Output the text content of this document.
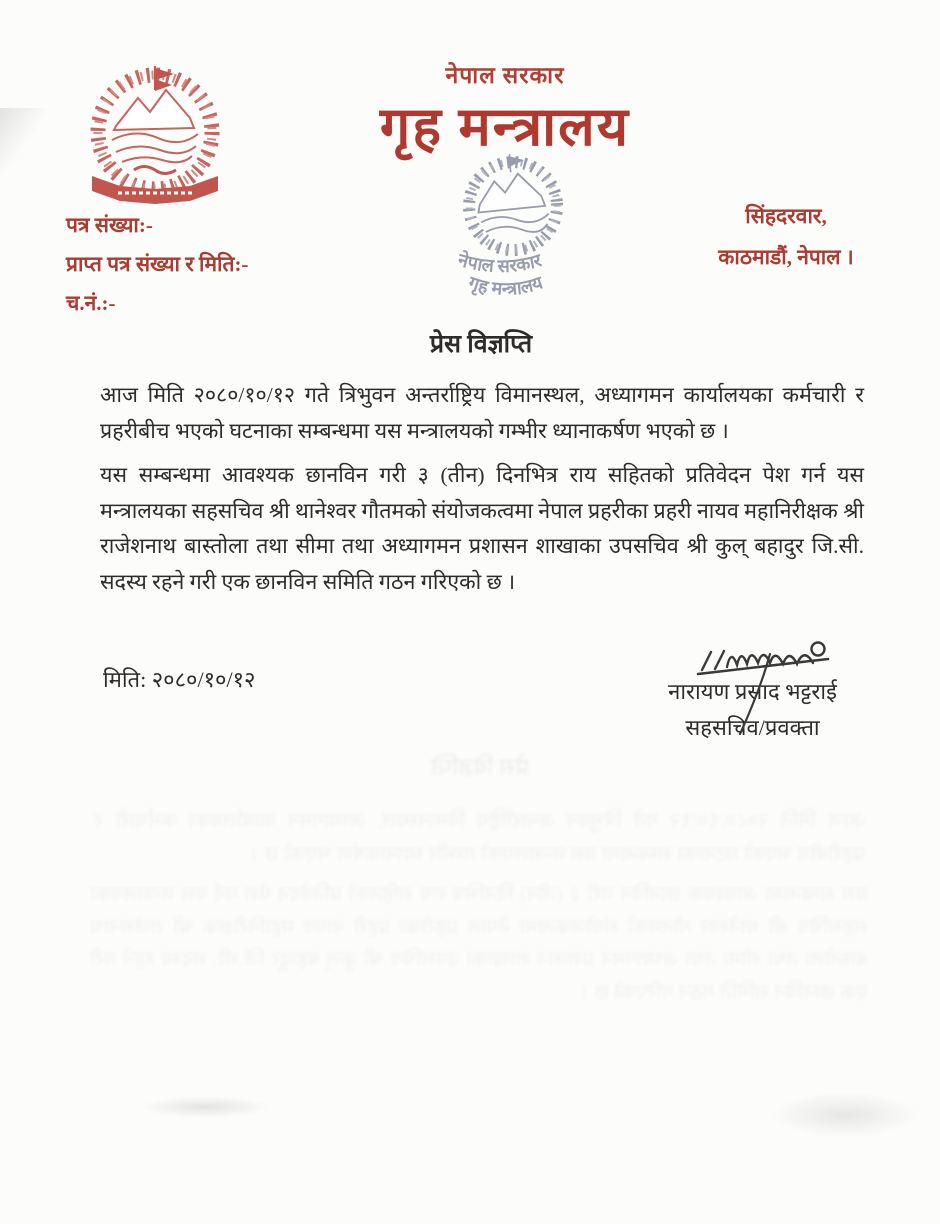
नेपाल सरकार
गृह मन्त्रालय
नेपाल सरकार
गृह मन्त्रालय
पत्र संख्या:-
प्राप्त पत्र संख्या र मिति:-
च.नं.:-
सिंहदरवार,
काठमाडौं, नेपाल ।
प्रेस विज्ञप्ति
आज मिति २०८०/१०/१२ गते त्रिभुवन अन्तर्राष्ट्रिय विमानस्थल, अध्यागमन कार्यालयका कर्मचारी र प्रहरीबीच भएको घटनाका सम्बन्धमा यस मन्त्रालयको गम्भीर ध्यानाकर्षण भएको छ ।
यस सम्बन्धमा आवश्यक छानविन गरी ३ (तीन) दिनभित्र राय सहितको प्रतिवेदन पेश गर्न यस मन्त्रालयका सहसचिव श्री थानेश्वर गौतमको संयोजकत्वमा नेपाल प्रहरीका प्रहरी नायव महानिरीक्षक श्री राजेशनाथ बास्तोला तथा सीमा तथा अध्यागमन प्रशासन शाखाका उपसचिव श्री कुल् बहादुर जि.सी. सदस्य रहने गरी एक छानविन समिति गठन गरिएको छ ।
मिति: २०८०/१०/१२	नारायण प्रसाद भट्टराई
सहसचिव/प्रवक्ता
प्रेस विज्ञप्ति
आज मिति २०८०/१०/१२ गते त्रिभुवन अन्तर्राष्ट्रिय विमानस्थल, अध्यागमन कार्यालयका कर्मचारी र प्रहरीबीच भएको घटनाका सम्बन्धमा यस मन्त्रालयको गम्भीर ध्यानाकर्षण भएको छ ।
यस सम्बन्धमा आवश्यक छानविन गरी ३ (तीन) दिनभित्र राय सहितको प्रतिवेदन पेश गर्न यस मन्त्रालयका सहसचिव श्री थानेश्वर गौतमको संयोजकत्वमा नेपाल प्रहरीका प्रहरी नायव महानिरीक्षक श्री राजेशनाथ बास्तोला तथा सीमा तथा अध्यागमन प्रशासन शाखाका उपसचिव श्री कुल् बहादुर जि.सी. सदस्य रहने गरी एक छानविन समिति गठन गरिएको छ ।
